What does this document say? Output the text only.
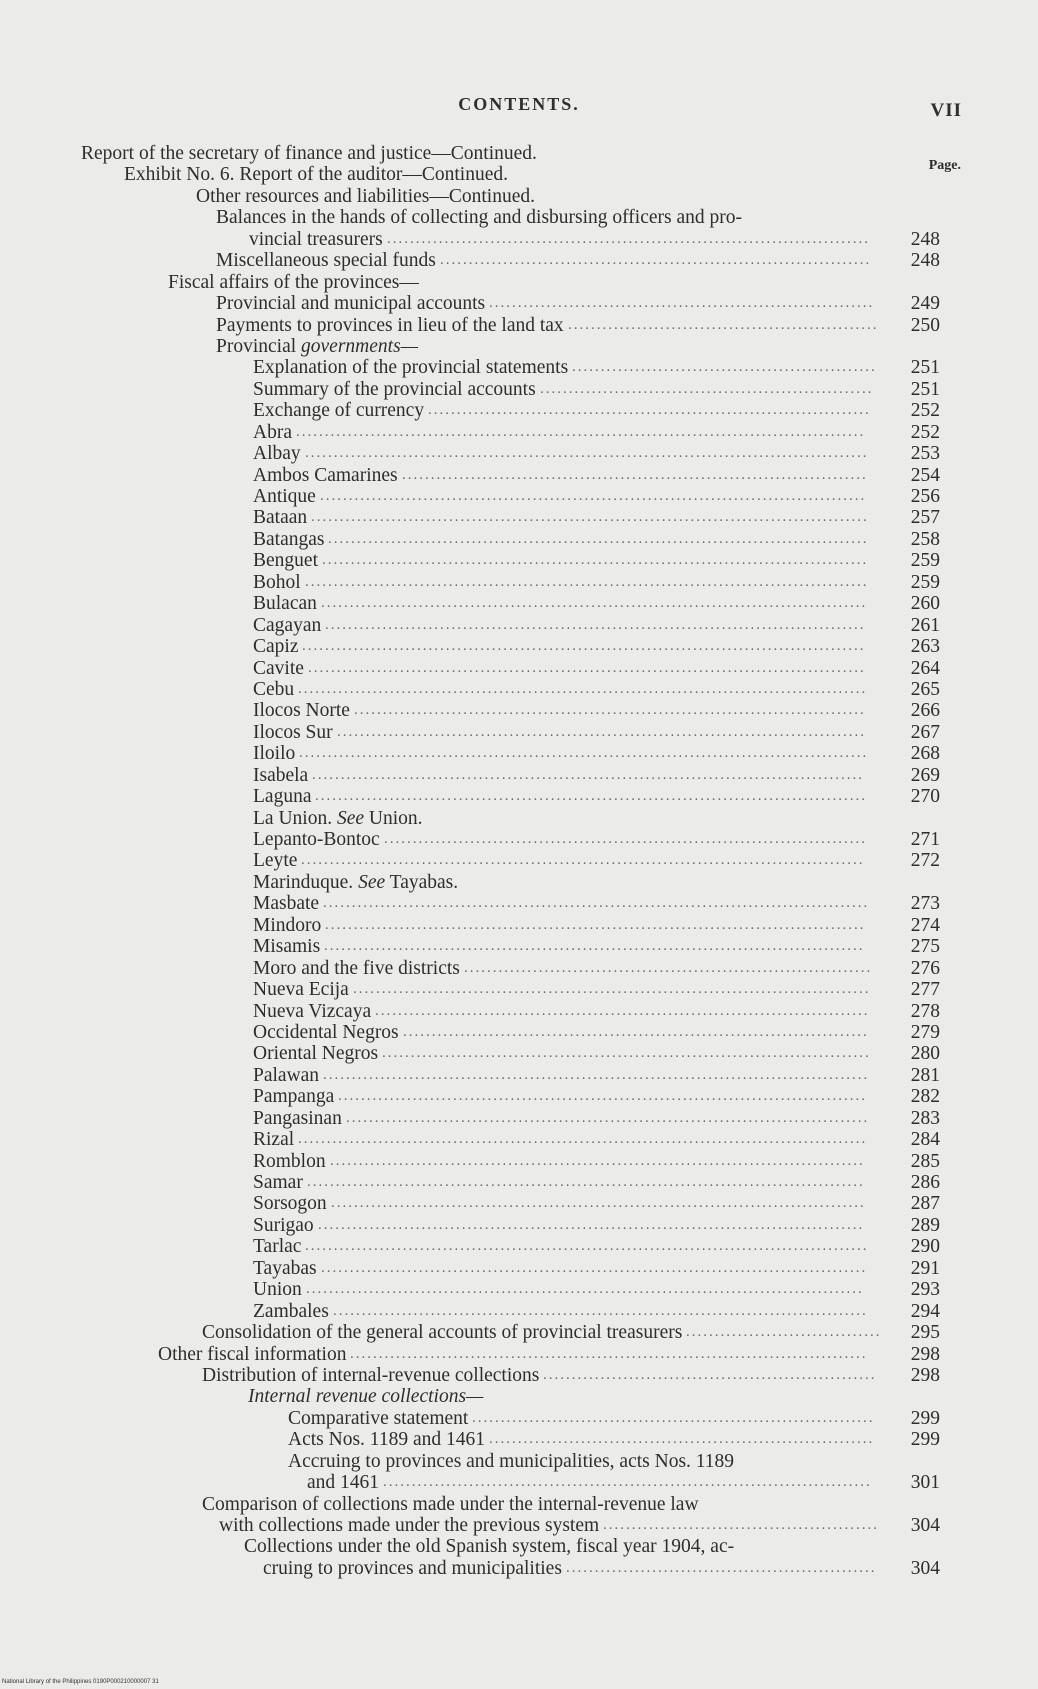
CONTENTS.	VII
Page.
Report of the secretary of finance and justice—Continued.
Exhibit No. 6. Report of the auditor—Continued.
Other resources and liabilities—Continued.
Balances in the hands of collecting and disbursing officers and pro-
vincial treasurers ....................................................................................	248
Miscellaneous special funds ...........................................................................	248
Fiscal affairs of the provinces—
Provincial and municipal accounts ...................................................................	249
Payments to provinces in lieu of the land tax ......................................................	250
Provincial governments—
Explanation of the provincial statements .....................................................	251
Summary of the provincial accounts ..........................................................	251
Exchange of currency .............................................................................	252
Abra ...................................................................................................	252
Albay ..................................................................................................	253
Ambos Camarines .................................................................................	254
Antique ...............................................................................................	256
Bataan .................................................................................................	257
Batangas ..............................................................................................	258
Benguet ...............................................................................................	259
Bohol ..................................................................................................	259
Bulacan ...............................................................................................	260
Cagayan ..............................................................................................	261
Capiz ..................................................................................................	263
Cavite .................................................................................................	264
Cebu ...................................................................................................	265
Ilocos Norte .........................................................................................	266
Ilocos Sur ............................................................................................	267
Iloilo ...................................................................................................	268
Isabela ................................................................................................	269
Laguna ................................................................................................	270
La Union. See Union.
Lepanto-Bontoc ....................................................................................	271
Leyte ..................................................................................................	272
Marinduque. See Tayabas.
Masbate ...............................................................................................	273
Mindoro ..............................................................................................	274
Misamis ..............................................................................................	275
Moro and the five districts .......................................................................	276
Nueva Ecija ..........................................................................................	277
Nueva Vizcaya ......................................................................................	278
Occidental Negros .................................................................................	279
Oriental Negros .....................................................................................	280
Palawan ...............................................................................................	281
Pampanga ............................................................................................	282
Pangasinan ...........................................................................................	283
Rizal ...................................................................................................	284
Romblon .............................................................................................	285
Samar .................................................................................................	286
Sorsogon .............................................................................................	287
Surigao ...............................................................................................	289
Tarlac ..................................................................................................	290
Tayabas ...............................................................................................	291
Union .................................................................................................	293
Zambales .............................................................................................	294
Consolidation of the general accounts of provincial treasurers ..................................	295
Other fiscal information ..........................................................................................	298
Distribution of internal-revenue collections ..........................................................	298
Internal revenue collections—
Comparative statement ......................................................................	299
Acts Nos. 1189 and 1461 ...................................................................	299
Accruing to provinces and municipalities, acts Nos. 1189
and 1461 .....................................................................................	301
Comparison of collections made under the internal-revenue law
with collections made under the previous system ................................................	304
Collections under the old Spanish system, fiscal year 1904, ac-
cruing to provinces and municipalities ......................................................	304
National Library of the Philippines 0190P000210000007 31
